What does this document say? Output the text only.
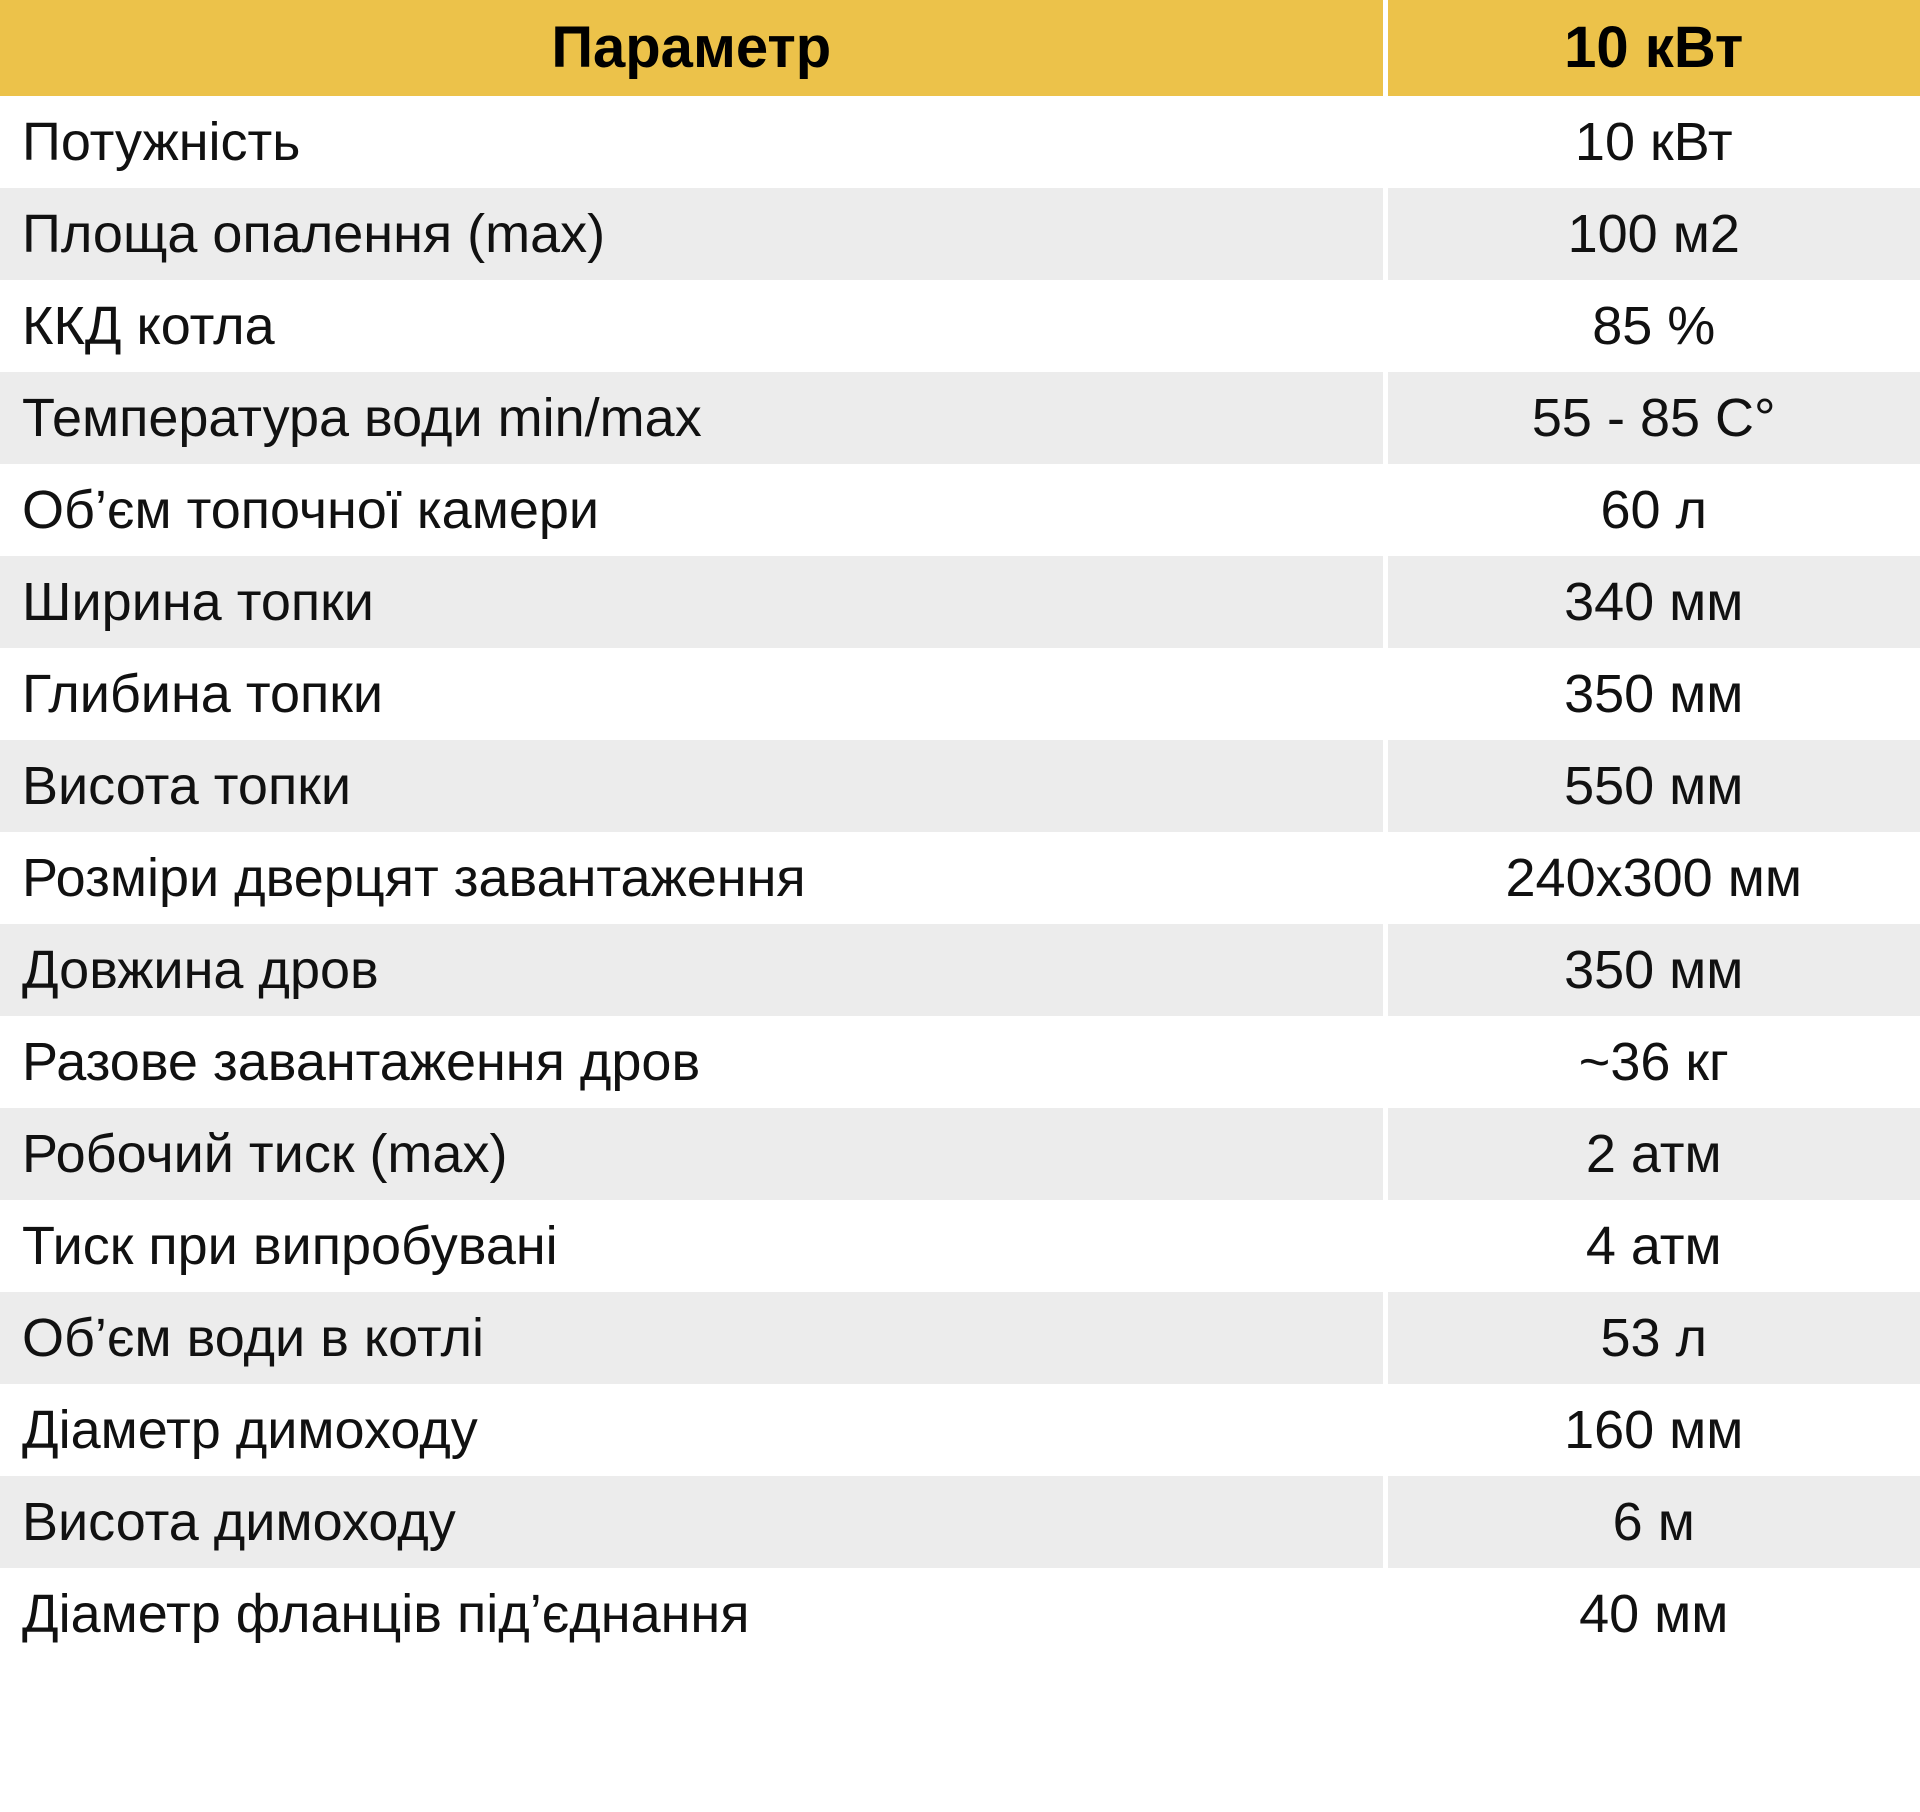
Параметр	10 кВт
Потужність	10 кВт
Площа опалення (max)	100 м2
ККД котла	85 %
Температура води min/max	55 - 85 С°
Об’єм топочної камери	60 л
Ширина топки	340 мм
Глибина топки	350 мм
Висота топки	550 мм
Розміри дверцят завантаження	240х300 мм
Довжина дров	350 мм
Разове завантаження дров	~36 кг
Робочий тиск (max)	2 атм
Тиск при випробувані	4 атм
Об’єм води в котлі	53 л
Діаметр димоходу	160 мм
Висота димоходу	6 м
Діаметр фланців під’єднання	40 мм
